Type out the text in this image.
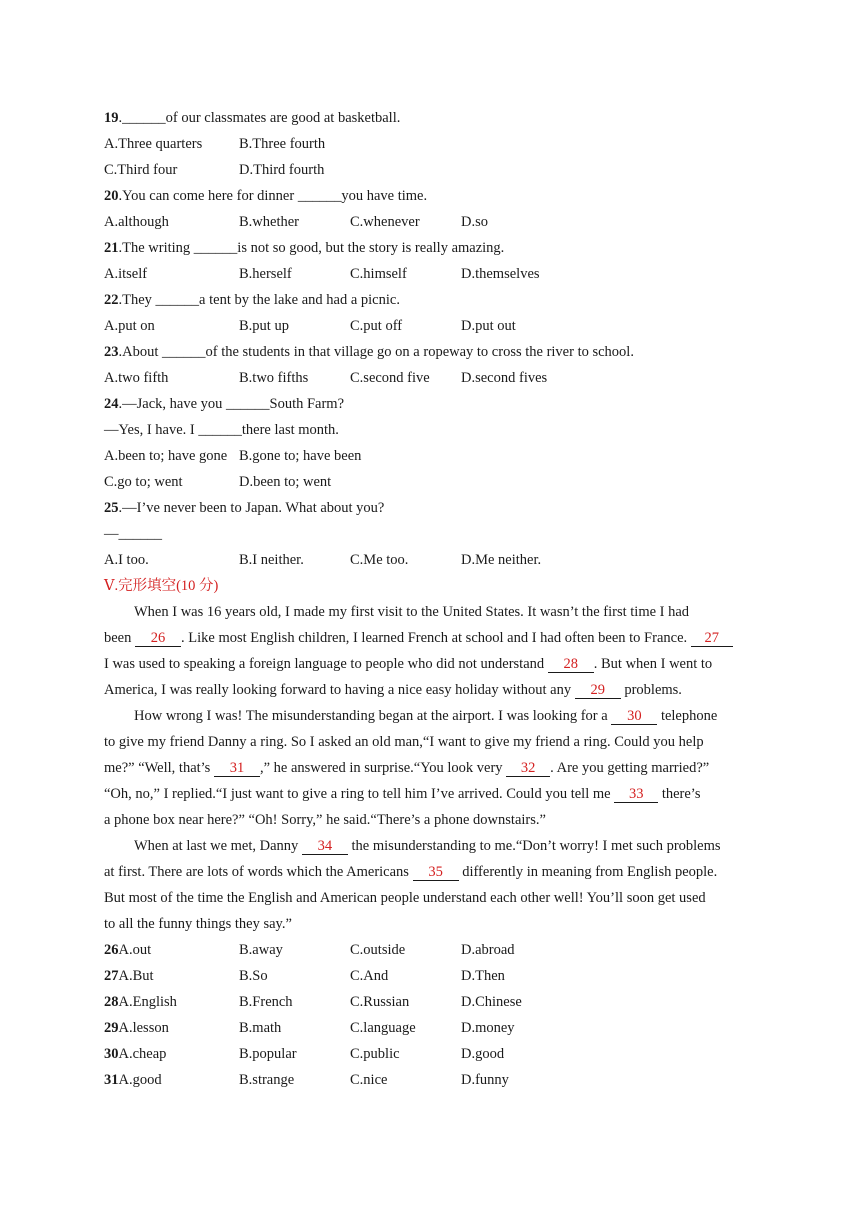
19.______of our classmates are good at basketball.
A.Three quarters	B.Three fourth
C.Third four	D.Third fourth
20.You can come here for dinner ______you have time.
A.although	B.whether	C.whenever	D.so
21.The writing ______is not so good, but the story is really amazing.
A.itself	B.herself	C.himself	D.themselves
22.They ______a tent by the lake and had a picnic.
A.put on	B.put up	C.put off	D.put out
23.About ______of the students in that village go on a ropeway to cross the river to school.
A.two fifth	B.two fifths	C.second five D.second fives
24.—Jack, have you ______South Farm?
—Yes, I have. I ______there last month.
A.been to; have gone B.gone to; have been
C.go to; went	D.been to; went
25.—I’ve never been to Japan. What about you?
—______
A.I too.	B.I neither.	C.Me too.	D.Me neither.
Ⅴ.完形填空(10 分)
When I was 16 years old, I made my first visit to the United States. It wasn’t the first time I had
been 26 . Like most English children, I learned French at school and I had often been to France. 27
I was used to speaking a foreign language to people who did not understand 28 . But when I went to
America, I was really looking forward to having a nice easy holiday without any 29 problems.
How wrong I was! The misunderstanding began at the airport. I was looking for a 30 telephone
to give my friend Danny a ring. So I asked an old man,“I want to give my friend a ring. Could you help
me?” “Well, that’s 31 ,” he answered in surprise.“You look very 32 . Are you getting married?”
“Oh, no,” I replied.“I just want to give a ring to tell him I’ve arrived. Could you tell me 33 there’s
a phone box near here?” “Oh! Sorry,” he said.“There’s a phone downstairs.”
When at last we met, Danny 34 the misunderstanding to me.“Don’t worry! I met such problems
at first. There are lots of words which the Americans 35 differently in meaning from English people.
But most of the time the English and American people understand each other well! You’ll soon get used
to all the funny things they say.”
26A.out	B.away	C.outside	D.abroad
27A.But	B.So	C.And	D.Then
28A.English	B.French	C.Russian	D.Chinese
29A.lesson	B.math	C.language	D.money
30A.cheap	B.popular	C.public	D.good
31A.good	B.strange	C.nice	D.funny
